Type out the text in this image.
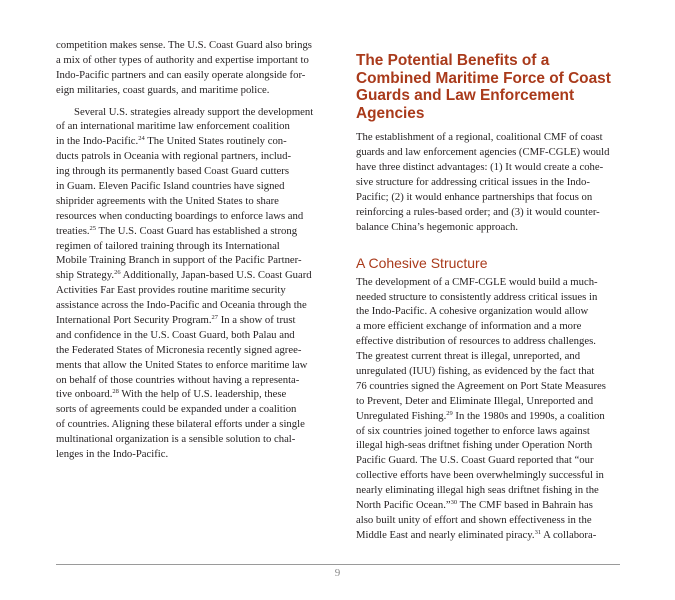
competition makes sense. The U.S. Coast Guard also brings
a mix of other types of authority and expertise important to
Indo-Pacific partners and can easily operate alongside for-
eign militaries, coast guards, and maritime police.
Several U.S. strategies already support the development
of an international maritime law enforcement coalition
in the Indo-Pacific.$^{24}$ The United States routinely con-
ducts patrols in Oceania with regional partners, includ-
ing through its permanently based Coast Guard cutters
in Guam. Eleven Pacific Island countries have signed
shiprider agreements with the United States to share
resources when conducting boardings to enforce laws and
treaties.$^{25}$ The U.S. Coast Guard has established a strong
regimen of tailored training through its International
Mobile Training Branch in support of the Pacific Partner-
ship Strategy.$^{26}$ Additionally, Japan-based U.S. Coast Guard
Activities Far East provides routine maritime security
assistance across the Indo-Pacific and Oceania through the
International Port Security Program.$^{27}$ In a show of trust
and confidence in the U.S. Coast Guard, both Palau and
the Federated States of Micronesia recently signed agree-
ments that allow the United States to enforce maritime law
on behalf of those countries without having a representa-
tive onboard.$^{28}$ With the help of U.S. leadership, these
sorts of agreements could be expanded under a coalition
of countries. Aligning these bilateral efforts under a single
multinational organization is a sensible solution to chal-
lenges in the Indo-Pacific.
The Potential Benefits of a
Combined Maritime Force of Coast
Guards and Law Enforcement
Agencies
The establishment of a regional, coalitional CMF of coast
guards and law enforcement agencies (CMF-CGLE) would
have three distinct advantages: (1) It would create a cohe-
sive structure for addressing critical issues in the Indo-
Pacific; (2) it would enhance partnerships that focus on
reinforcing a rules-based order; and (3) it would counter-
balance China’s hegemonic approach.
A Cohesive Structure
The development of a CMF-CGLE would build a much-
needed structure to consistently address critical issues in
the Indo-Pacific. A cohesive organization would allow
a more efficient exchange of information and a more
effective distribution of resources to address challenges.
The greatest current threat is illegal, unreported, and
unregulated (IUU) fishing, as evidenced by the fact that
76 countries signed the Agreement on Port State Measures
to Prevent, Deter and Eliminate Illegal, Unreported and
Unregulated Fishing.$^{29}$ In the 1980s and 1990s, a coalition
of six countries joined together to enforce laws against
illegal high-seas driftnet fishing under Operation North
Pacific Guard. The U.S. Coast Guard reported that “our
collective efforts have been overwhelmingly successful in
nearly eliminating illegal high seas driftnet fishing in the
North Pacific Ocean.”$^{30}$ The CMF based in Bahrain has
also built unity of effort and shown effectiveness in the
Middle East and nearly eliminated piracy.$^{31}$ A collabora-
9
